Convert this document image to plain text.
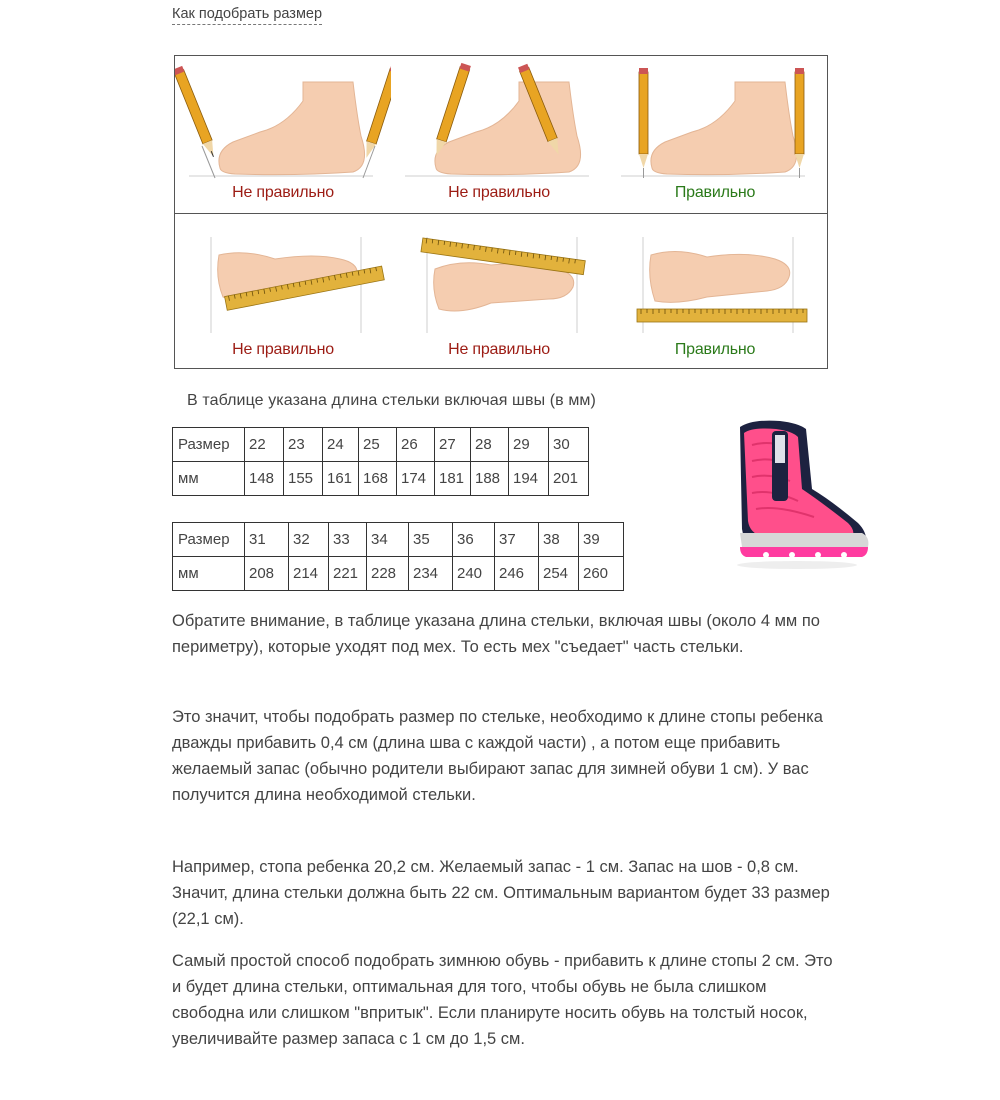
Как подобрать размер
Не правильно	Не правильно	Правильно
Не правильно	Не правильно	Правильно
В таблице указана длина стельки включая швы (в мм)
Размер	22	23	24	25	26	27	28	29	30
мм	148	155	161	168	174	181	188	194	201
Размер	31	32	33	34	35	36	37	38	39
мм	208	214	221	228	234	240	246	254	260

Обратите внимание, в таблице указана длина стельки, включая швы (около 4 мм по периметру), которые уходят под мех. То есть мех "съедает" часть стельки.

Это значит, чтобы подобрать размер по стельке, необходимо к длине стопы ребенка дважды прибавить 0,4 см (длина шва с каждой части) , а потом еще прибавить желаемый запас (обычно родители выбирают запас для зимней обуви 1 см). У вас получится длина необходимой стельки.

Например, стопа ребенка 20,2 см. Желаемый запас - 1 см. Запас на шов - 0,8 см. Значит, длина стельки должна быть 22 см. Оптимальным вариантом будет 33 размер (22,1 см).

Самый простой способ подобрать зимнюю обувь - прибавить к длине стопы 2 см. Это и будет длина стельки, оптимальная для того, чтобы обувь не была слишком свободна или слишком "впритык". Если планируте носить обувь на толстый носок, увеличивайте размер запаса с 1 см до 1,5 см.
